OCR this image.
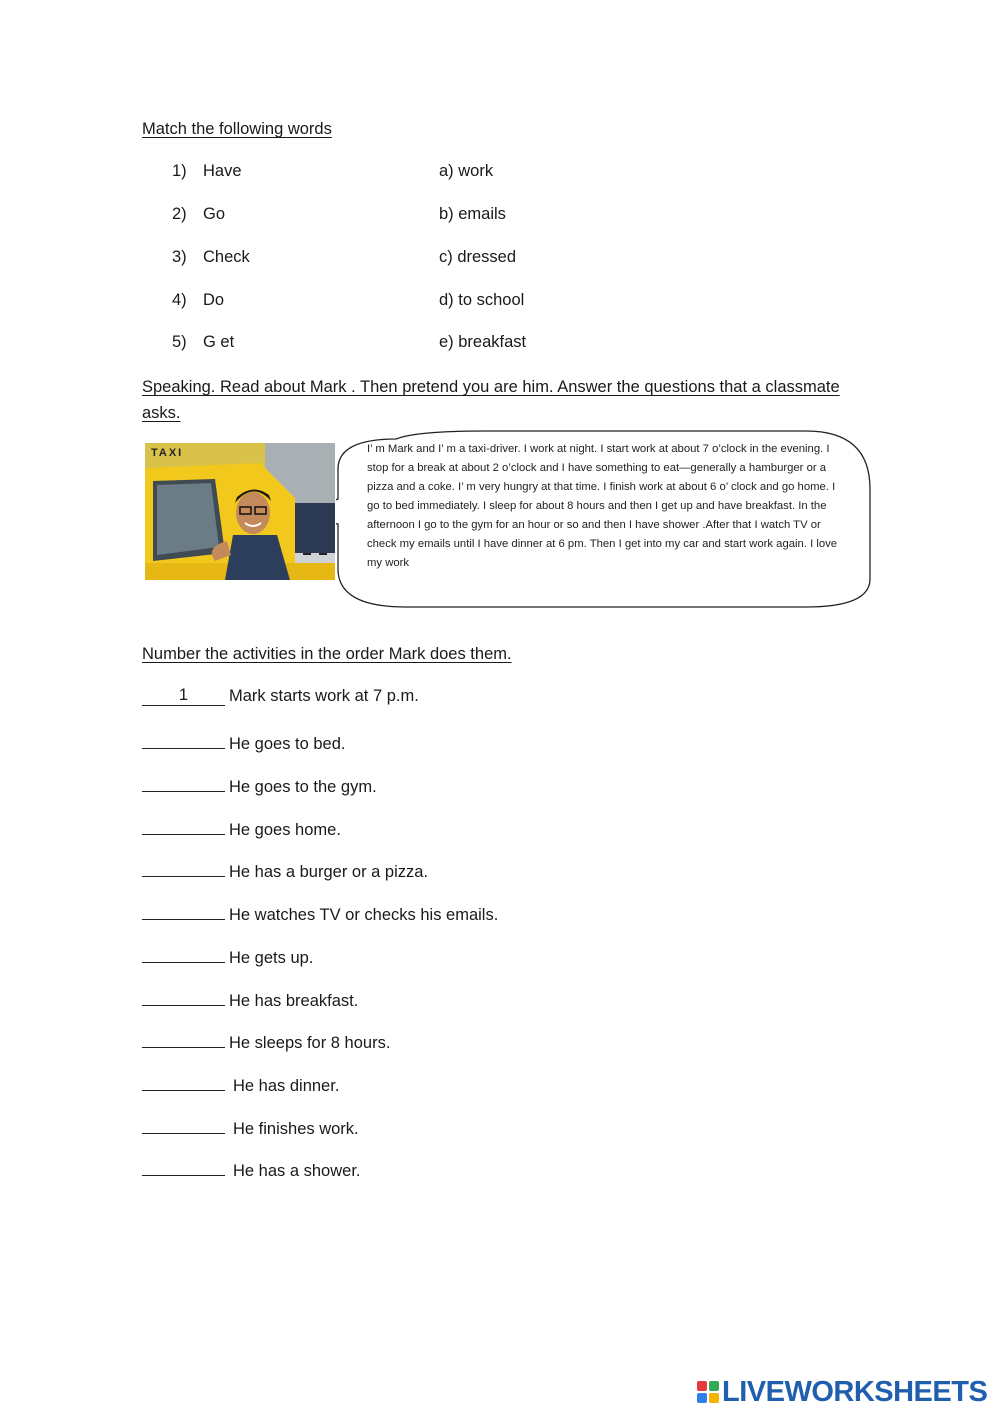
Match the following words
1) Have	a) work
2) Go	b) emails
3) Check	c) dressed
4) Do	d) to school
5) G et	e) breakfast
Speaking. Read about Mark . Then pretend you are him. Answer the questions that a classmate asks.
TAXI	I’ m Mark and I’ m a taxi-driver. I work at night. I start work at about 7 o’clock in the evening. I stop for a break at about 2 o’clock and I have something to eat—generally a hamburger or a pizza and a coke. I’ m very hungry at that time. I finish work at about 6 o’ clock and go home. I go to bed immediately. I sleep for about 8 hours and then I get up and have breakfast. In the afternoon I go to the gym for an hour or so and then I have shower .After that I watch TV or check my emails until I have dinner at 6 pm. Then I get into my car and start work again. I love my work
Number the activities in the order Mark does them.
1 Mark starts work at 7 p.m.
He goes to bed.
He goes to the gym.
He goes home.
He has a burger or a pizza.
He watches TV or checks his emails.
He gets up.
He has breakfast.
He sleeps for 8 hours.
He has dinner.
He finishes work.
He has a shower.
LIVEWORKSHEETS
